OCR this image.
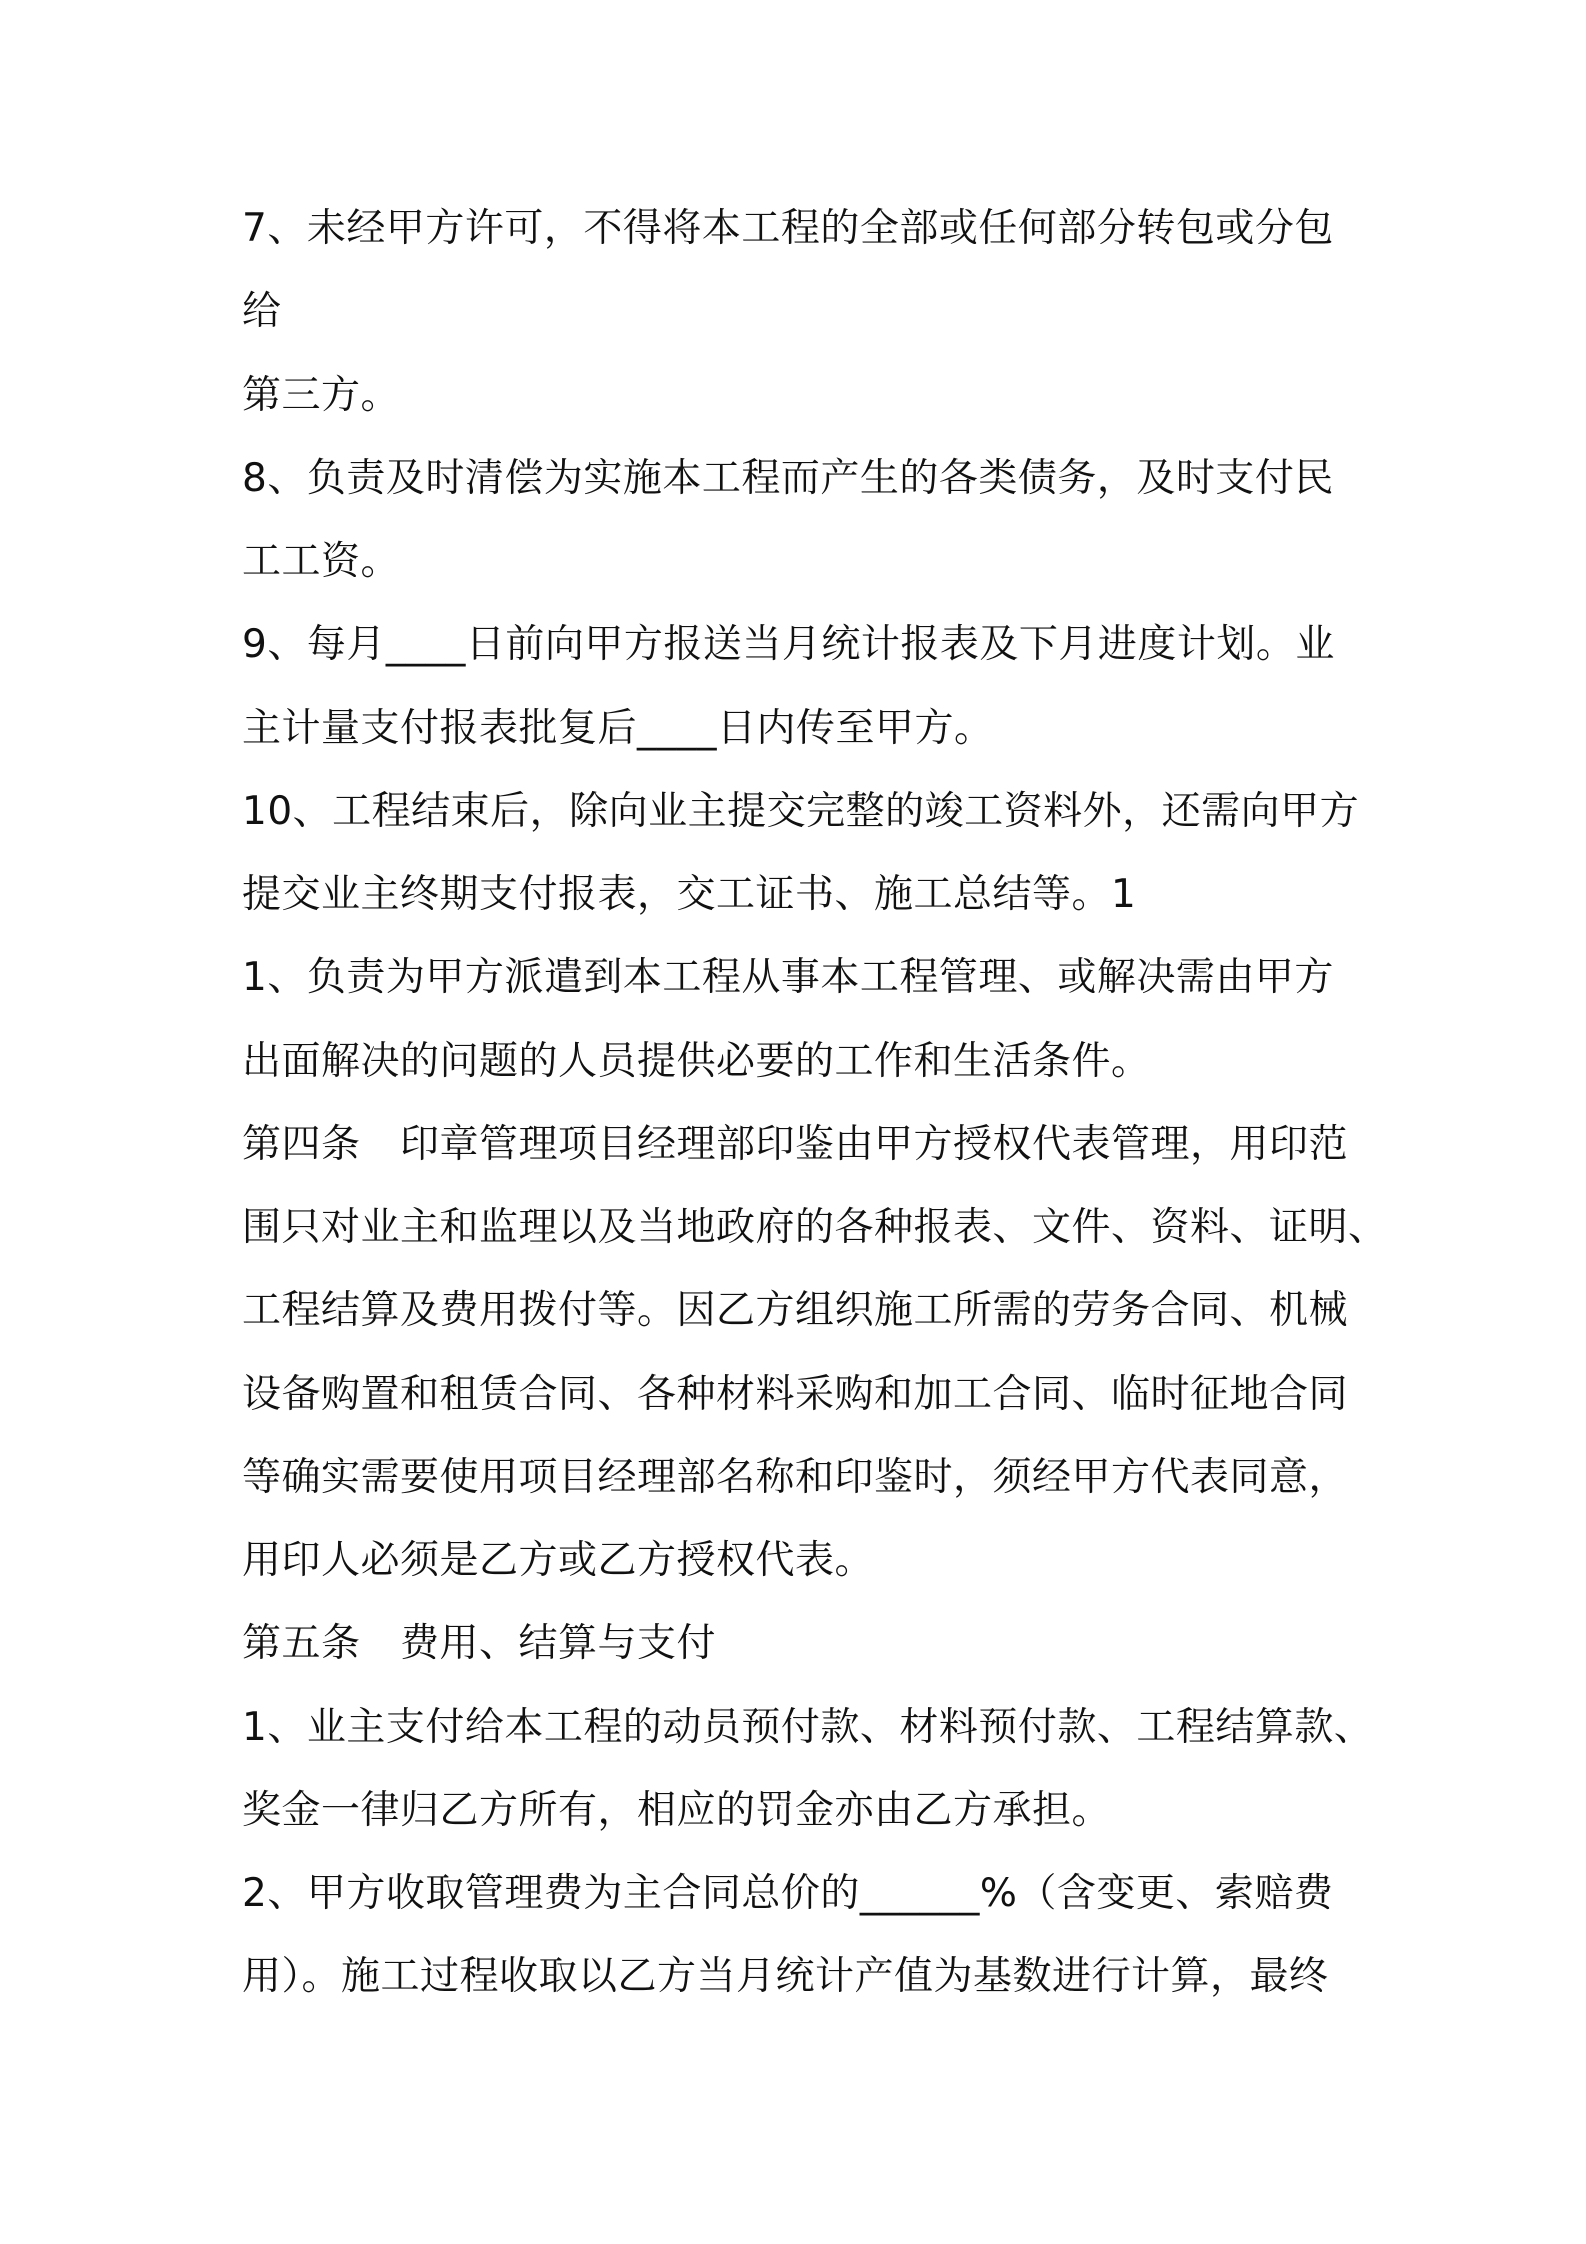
7、未经甲方许可，不得将本工程的全部或任何部分转包或分包

给

第三方。

8、负责及时清偿为实施本工程而产生的各类债务，及时支付民

工工资。

9、每月____日前向甲方报送当月统计报表及下月进度计划。业

主计量支付报表批复后____日内传至甲方。

10、工程结束后，除向业主提交完整的竣工资料外，还需向甲方

提交业主终期支付报表，交工证书、施工总结等。1

1、负责为甲方派遣到本工程从事本工程管理、或解决需由甲方

出面解决的问题的人员提供必要的工作和生活条件。

第四条　印章管理项目经理部印鉴由甲方授权代表管理，用印范

围只对业主和监理以及当地政府的各种报表、文件、资料、证明、

工程结算及费用拨付等。因乙方组织施工所需的劳务合同、机械

设备购置和租赁合同、各种材料采购和加工合同、临时征地合同

等确实需要使用项目经理部名称和印鉴时，须经甲方代表同意，

用印人必须是乙方或乙方授权代表。

第五条　费用、结算与支付

1、业主支付给本工程的动员预付款、材料预付款、工程结算款、

奖金一律归乙方所有，相应的罚金亦由乙方承担。

2、甲方收取管理费为主合同总价的______%（含变更、索赔费

用）。施工过程收取以乙方当月统计产值为基数进行计算，最终
